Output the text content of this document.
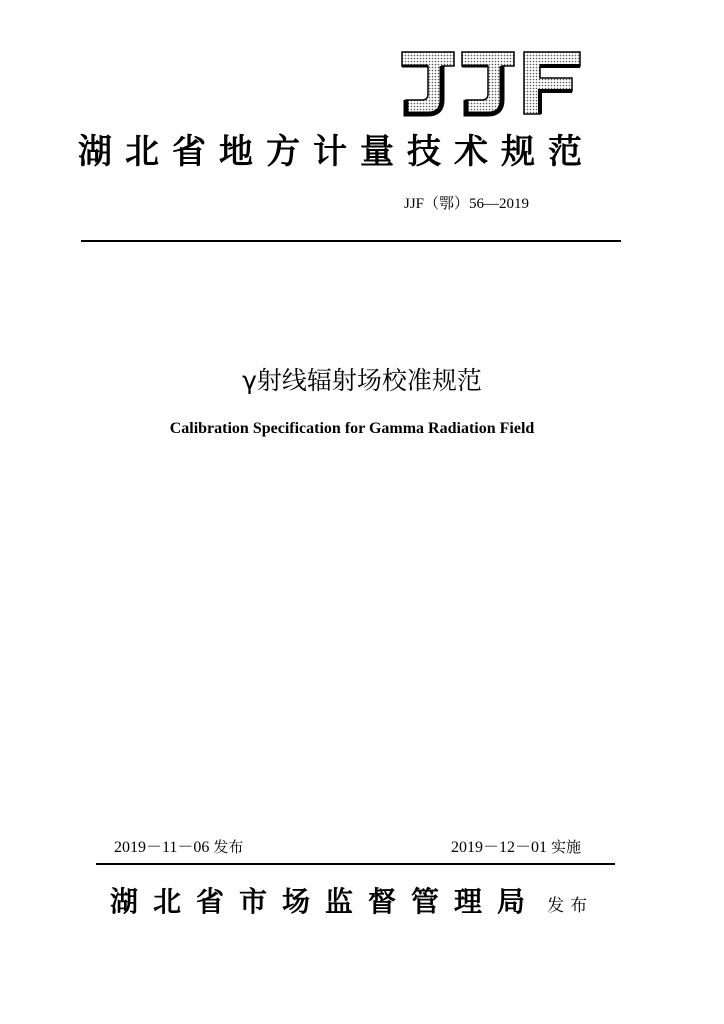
湖北省地方计量技术规范
JJF（鄂）56—2019
γ射线辐射场校准规范
Calibration Specification for Gamma Radiation Field
2019－11－06 发布	2019－12－01 实施
湖北省市场监督管理局 发布
